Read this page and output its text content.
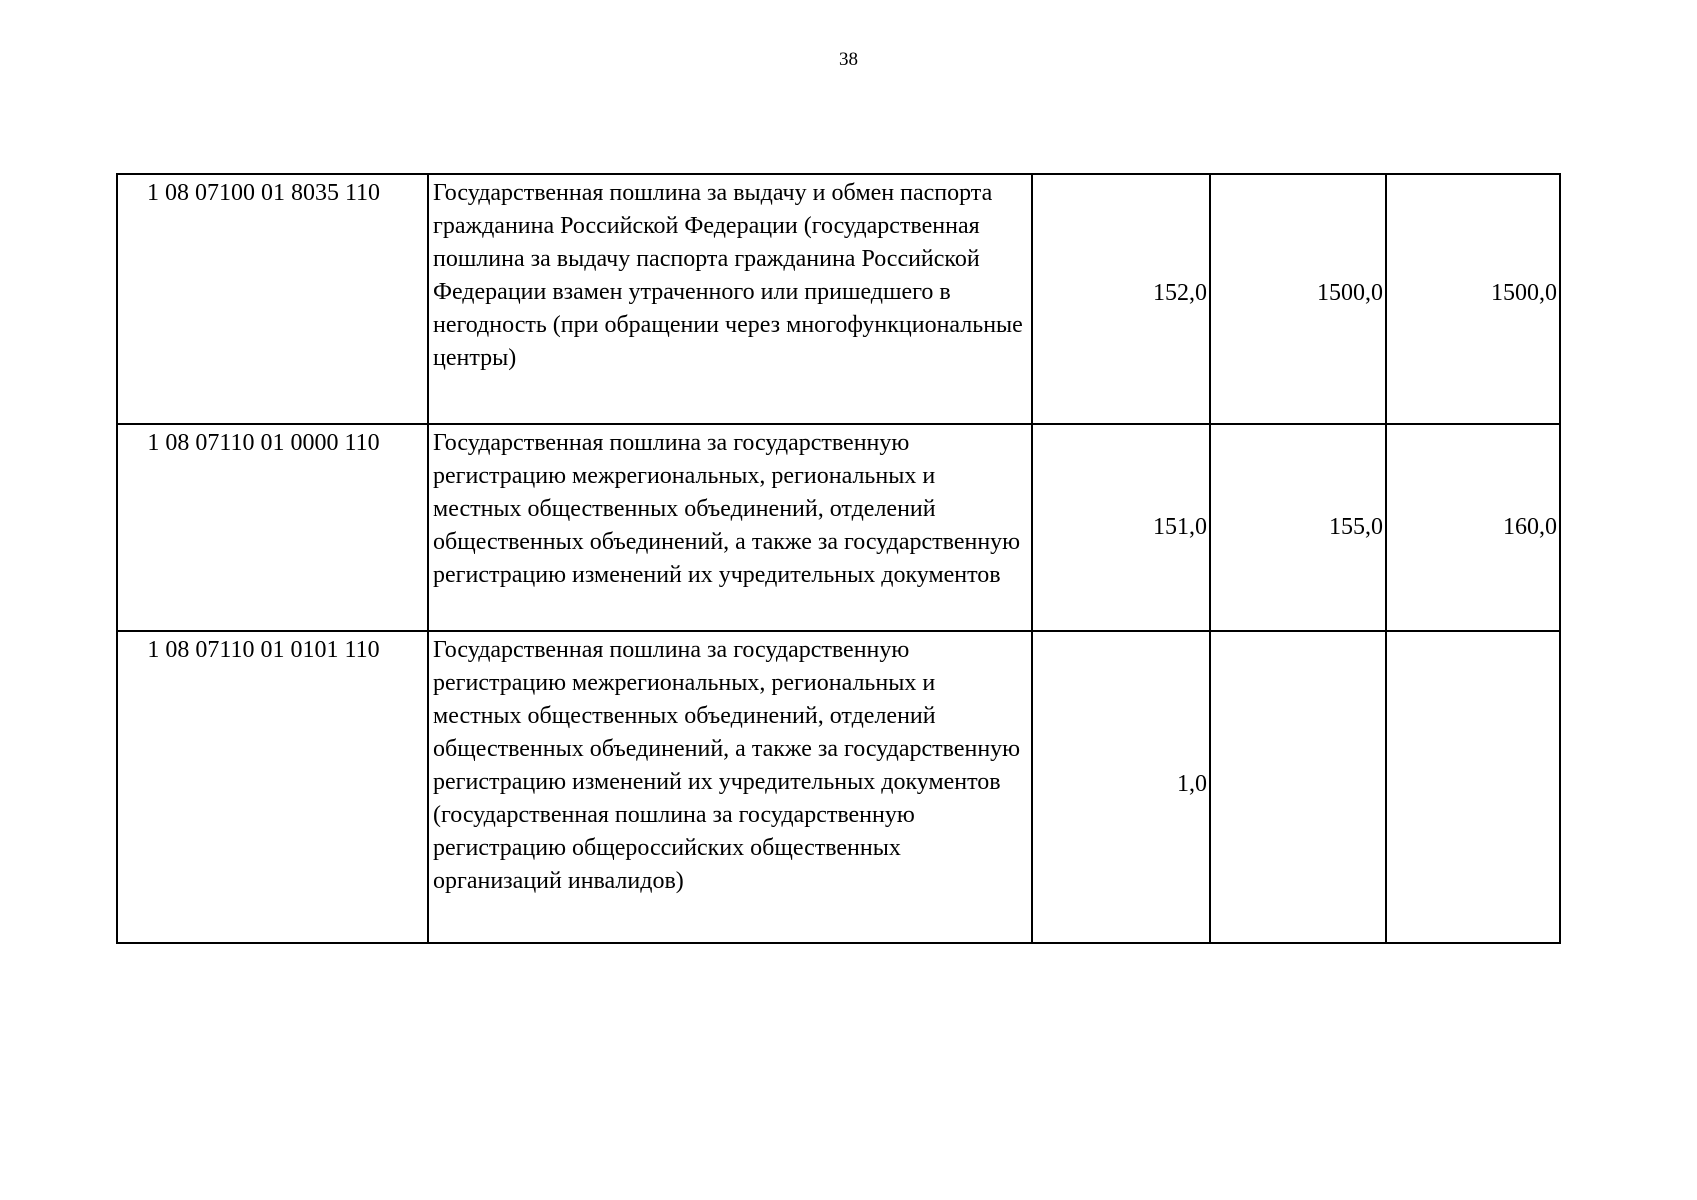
38
1 08 07100 01 8035 110	Государственная пошлина за выдачу и обмен паспорта гражданина Российской Федерации (государственная пошлина за выдачу паспорта гражданина Российской Федерации взамен утраченного или пришедшего в негодность (при обращении через многофункциональные центры)	152,0	1500,0	1500,0
1 08 07110 01 0000 110	Государственная пошлина за государственную регистрацию межрегиональных, региональных и местных общественных объединений, отделений общественных объединений, а также за государственную регистрацию изменений их учредительных документов	151,0	155,0	160,0
1 08 07110 01 0101 110	Государственная пошлина за государственную регистрацию межрегиональных, региональных и местных общественных объединений, отделений общественных объединений, а также за государственную регистрацию изменений их учредительных документов (государственная пошлина за государственную регистрацию общероссийских общественных организаций инвалидов)	1,0		
